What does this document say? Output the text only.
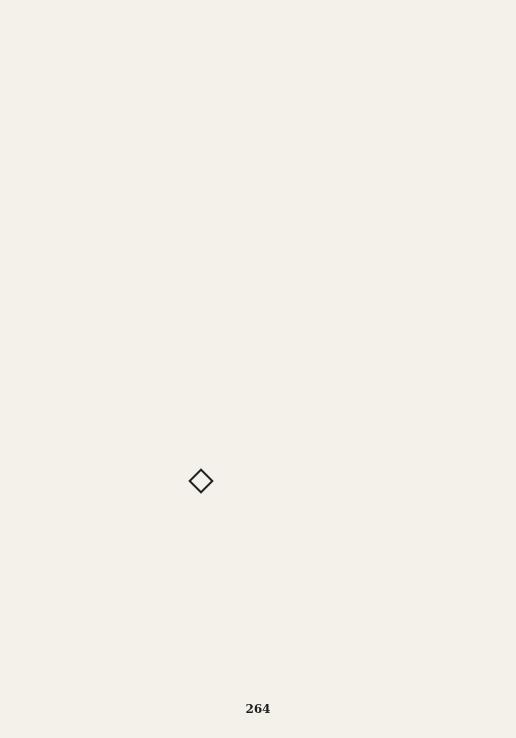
264
